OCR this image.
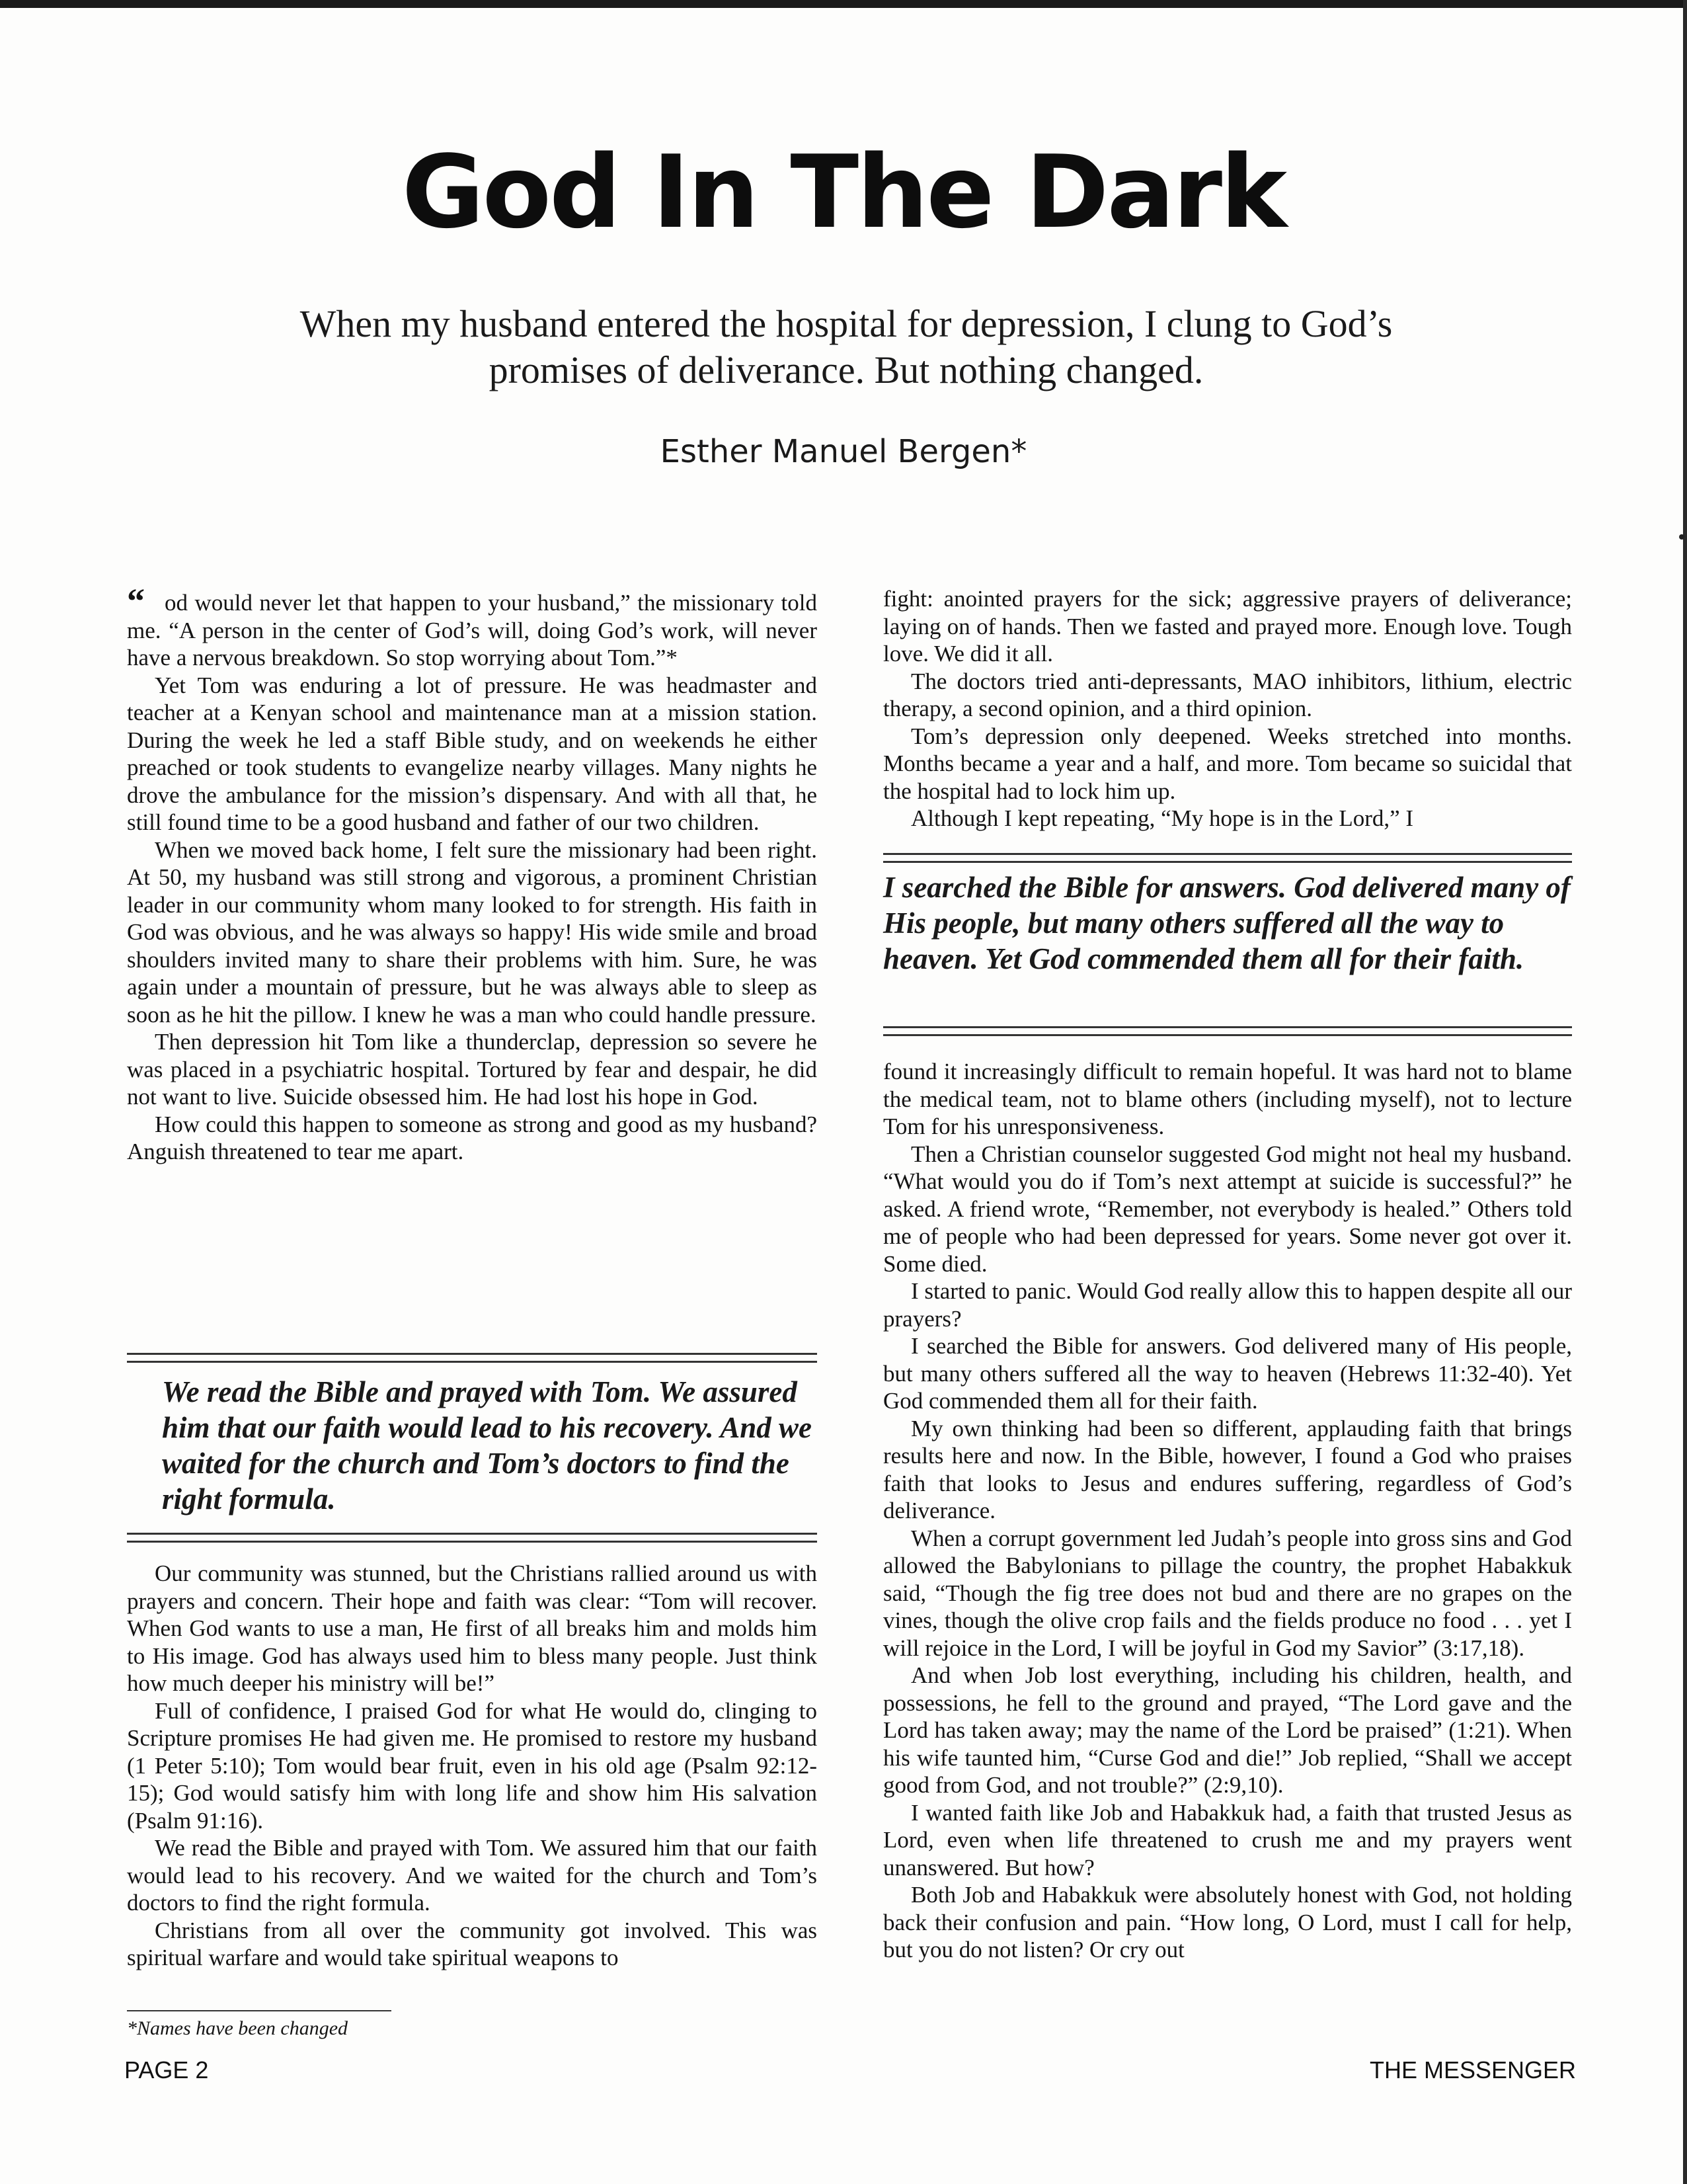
God In The Dark

When my husband entered the hospital for depression, I clung to God’s promises of deliverance. But nothing changed.

Esther Manuel Bergen*

“ od would never let that happen to your husband,” the missionary told me. “A person in the center of God’s will, doing God’s work, will never have a nervous breakdown. So stop worrying about Tom.”*

Yet Tom was enduring a lot of pressure. He was headmaster and teacher at a Kenyan school and maintenance man at a mission station. During the week he led a staff Bible study, and on weekends he either preached or took students to evangelize nearby villages. Many nights he drove the ambulance for the mission’s dispensary. And with all that, he still found time to be a good husband and father of our two children.

When we moved back home, I felt sure the missionary had been right. At 50, my husband was still strong and vigorous, a prominent Christian leader in our community whom many looked to for strength. His faith in God was obvious, and he was always so happy! His wide smile and broad shoulders invited many to share their problems with him. Sure, he was again under a mountain of pressure, but he was always able to sleep as soon as he hit the pillow. I knew he was a man who could handle pressure.

Then depression hit Tom like a thunderclap, depression so severe he was placed in a psychiatric hospital. Tortured by fear and despair, he did not want to live. Suicide obsessed him. He had lost his hope in God.

How could this happen to someone as strong and good as my husband? Anguish threatened to tear me apart.

We read the Bible and prayed with Tom. We assured him that our faith would lead to his recovery. And we waited for the church and Tom’s doctors to find the right formula.

Our community was stunned, but the Christians rallied around us with prayers and concern. Their hope and faith was clear: “Tom will recover. When God wants to use a man, He first of all breaks him and molds him to His image. God has always used him to bless many people. Just think how much deeper his ministry will be!”

Full of confidence, I praised God for what He would do, clinging to Scripture promises He had given me. He promised to restore my husband (1 Peter 5:10); Tom would bear fruit, even in his old age (Psalm 92:12-15); God would satisfy him with long life and show him His salvation (Psalm 91:16).

We read the Bible and prayed with Tom. We assured him that our faith would lead to his recovery. And we waited for the church and Tom’s doctors to find the right formula.

Christians from all over the community got involved. This was spiritual warfare and would take spiritual weapons to

fight: anointed prayers for the sick; aggressive prayers of deliverance; laying on of hands. Then we fasted and prayed more. Enough love. Tough love. We did it all.

The doctors tried anti-depressants, MAO inhibitors, lithium, electric therapy, a second opinion, and a third opinion.

Tom’s depression only deepened. Weeks stretched into months. Months became a year and a half, and more. Tom became so suicidal that the hospital had to lock him up.

Although I kept repeating, “My hope is in the Lord,” I

I searched the Bible for answers. God delivered many of His people, but many others suffered all the way to heaven. Yet God commended them all for their faith.

found it increasingly difficult to remain hopeful. It was hard not to blame the medical team, not to blame others (including myself), not to lecture Tom for his unresponsiveness.

Then a Christian counselor suggested God might not heal my husband. “What would you do if Tom’s next attempt at suicide is successful?” he asked. A friend wrote, “Remember, not everybody is healed.” Others told me of people who had been depressed for years. Some never got over it. Some died.

I started to panic. Would God really allow this to happen despite all our prayers?

I searched the Bible for answers. God delivered many of His people, but many others suffered all the way to heaven (Hebrews 11:32-40). Yet God commended them all for their faith.

My own thinking had been so different, applauding faith that brings results here and now. In the Bible, however, I found a God who praises faith that looks to Jesus and endures suffering, regardless of God’s deliverance.

When a corrupt government led Judah’s people into gross sins and God allowed the Babylonians to pillage the country, the prophet Habakkuk said, “Though the fig tree does not bud and there are no grapes on the vines, though the olive crop fails and the fields produce no food . . . yet I will rejoice in the Lord, I will be joyful in God my Savior” (3:17,18).

And when Job lost everything, including his children, health, and possessions, he fell to the ground and prayed, “The Lord gave and the Lord has taken away; may the name of the Lord be praised” (1:21). When his wife taunted him, “Curse God and die!” Job replied, “Shall we accept good from God, and not trouble?” (2:9,10).

I wanted faith like Job and Habakkuk had, a faith that trusted Jesus as Lord, even when life threatened to crush me and my prayers went unanswered. But how?

Both Job and Habakkuk were absolutely honest with God, not holding back their confusion and pain. “How long, O Lord, must I call for help, but you do not listen? Or cry out

*Names have been changed
PAGE 2	THE MESSENGER
